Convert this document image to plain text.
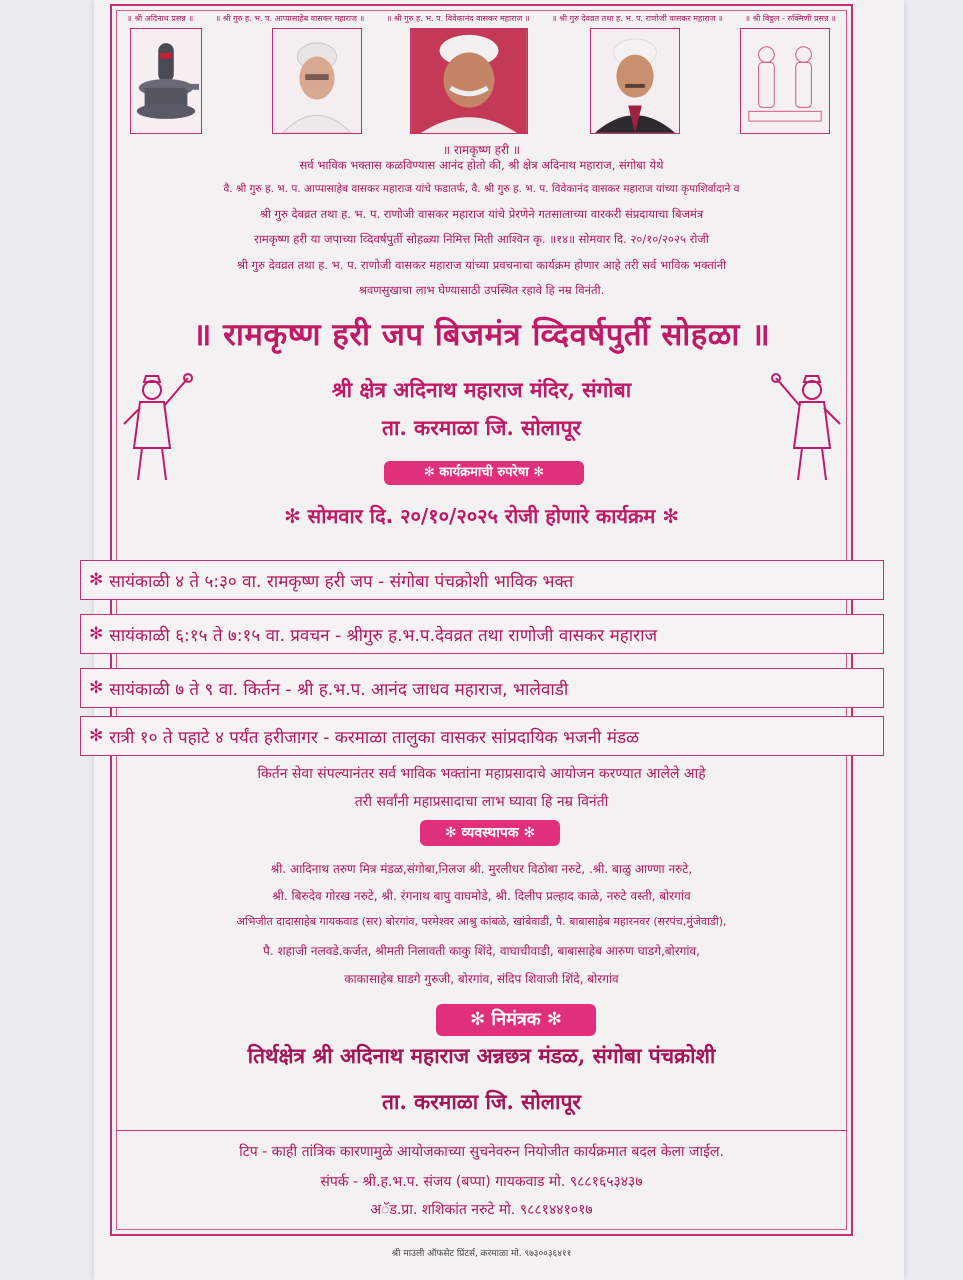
॥ श्री अदिनाथ प्रसन्न ॥	॥ श्री गुरु ह. भ. प. आप्पासाहेब वासकर महाराज ॥	॥ श्री गुरु ह. भ. प. विवेकानंद वासकर महाराज ॥	॥ श्री गुरु देवव्रत तथा ह. भ. प. राणोजी वासकर महाराज ॥	॥ श्री विठ्ठल - रुक्मिणी प्रसन्न ॥
॥ रामकृष्ण हरी ॥
सर्व भाविक भक्तास कळविण्यास आनंद होतो की, श्री क्षेत्र अदिनाथ महाराज, संगोबा येथे
वै. श्री गुरु ह. भ. प. आप्पासाहेब वासकर महाराज यांचे फडातर्फ, वै. श्री गुरु ह. भ. प. विवेकानंद वासकर महाराज यांच्या कृपाशिर्वादाने व
श्री गुरु देवव्रत तथा ह. भ. प. राणोजी वासकर महाराज यांचे प्रेरणेने गतसालाच्या वारकरी संप्रदायाचा बिजमंत्र
रामकृष्ण हरी या जपाच्या व्दिवर्षपुर्ती सोहळ्या निमित्त मिती आश्विन कृ. ॥१४॥ सोमवार दि. २०/१०/२०२५ रोजी
श्री गुरु देवव्रत तथा ह. भ. प. राणोजी वासकर महाराज यांच्या प्रवचनाचा कार्यक्रम होणार आहे तरी सर्व भाविक भक्तांनी
श्रवणसुखाचा लाभ घेण्यासाठी उपस्थित रहावे हि नम्र विनंती.
॥ रामकृष्ण हरी जप बिजमंत्र व्दिवर्षपुर्ती सोहळा ॥
श्री क्षेत्र अदिनाथ महाराज मंदिर, संगोबा
ता. करमाळा जि. सोलापूर
✻ कार्यक्रमाची रुपरेषा ✻
✻ सोमवार दि. २०/१०/२०२५ रोजी होणारे कार्यक्रम ✻
✻ सायंकाळी ४ ते ५:३० वा. रामकृष्ण हरी जप - संगोबा पंचक्रोशी भाविक भक्त
✻ सायंकाळी ६:१५ ते ७:१५ वा. प्रवचन - श्रीगुरु ह.भ.प.देवव्रत तथा राणोजी वासकर महाराज
✻ सायंकाळी ७ ते ९ वा. किर्तन - श्री ह.भ.प. आनंद जाधव महाराज, भालेवाडी
✻ रात्री १० ते पहाटे ४ पर्यंत हरीजागर - करमाळा तालुका वासकर सांप्रदायिक भजनी मंडळ
किर्तन सेवा संपल्यानंतर सर्व भाविक भक्तांना महाप्रसादाचे आयोजन करण्यात आलेले आहे
तरी सर्वांनी महाप्रसादाचा लाभ घ्यावा हि नम्र विनंती
✻ व्यवस्थापक ✻
श्री. आदिनाथ तरुण मित्र मंडळ,संगोबा,निलज श्री. मुरलीधर विठोबा नरुटे, .श्री. बाळु आण्णा नरुटे,
श्री. बिरुदेव गोरख नरुटे, श्री. रंगनाथ बापु वाघमोडे, श्री. दिलीप प्रल्हाद काळे, नरुटे वस्ती, बोरगांव
अभिजीत दादासाहेब गायकवाड (सर) बोरगांव, परमेश्वर आश्रु कांबळे, खांबेवाडी, पै. बाबासाहेब महारनवर (सरपंच,मुंजेवाडी),
पै. शहाजी नलवडे.कर्जत, श्रीमती निलावती काकु शिंदे, वाघाचीवाडी, बाबासाहेब आरुण घाडगे,बोरगांव,
काकासाहेब घाडगे गुरुजी, बोरगांव, संदिप शिवाजी शिंदे, बोरगांव
✻ निमंत्रक ✻
तिर्थक्षेत्र श्री अदिनाथ महाराज अन्नछत्र मंडळ, संगोबा पंचक्रोशी
ता. करमाळा जि. सोलापूर
टिप - काही तांत्रिक कारणामुळे आयोजकाच्या सुचनेवरुन नियोजीत कार्यक्रमात बदल केला जाईल.
संपर्क - श्री.ह.भ.प. संजय (बप्पा) गायकवाड मो. ९८८१६५३४३७
अॅड.प्रा. शशिकांत नरुटे मो. ९८८१४४१०१७
श्री माउली ऑफसेट प्रिंटर्स, करमाळा मो. ९७३००३६४११
